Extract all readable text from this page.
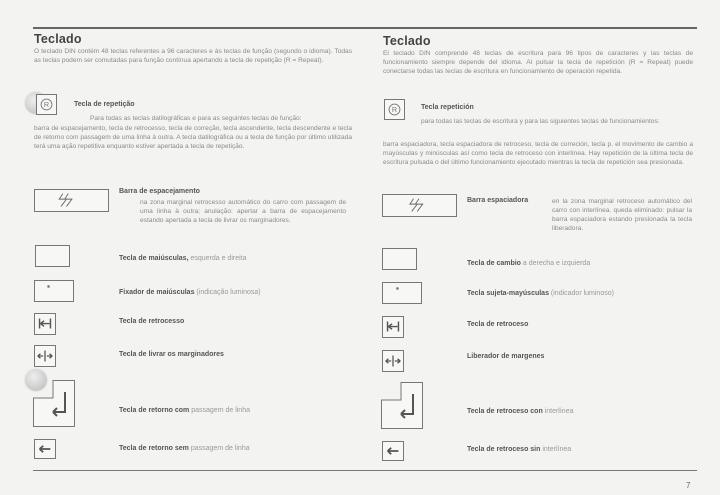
Teclado
O teclado DIN contém 48 teclas referentes a 96 caracteres e às teclas de função (segundo o idioma). Todas as teclas podem ser comutadas para função contínua apertando a tecla de repetição (R = Repeat).
R	Tecla de repetição
Para todas as teclas datilográficas e para as seguintes teclas de função:
barra de espacejamento, tecla de retrocesso, tecla de correção, tecla ascendente, tecla descendente e tecla de retorno com passagem de uma linha à outra. A tecla datilográfica ou a tecla de função por último utilizada terá uma ação repetitiva enquanto estiver apertada a tecla de repetição.
Barra de espacejamento
na zona marginal retrocesso automático do carro com passagem de uma linha à outra; anulação: apertar a barra de espacejamento estando apertada a tecla de livrar os marginadores.
Tecla de maiúsculas, esquerda e direita
Fixador de maiúsculas (indicação luminosa)
Tecla de retrocesso
Tecla de livrar os marginadores
Tecla de retorno com passagem de linha
Tecla de retorno sem passagem de linha
Teclado
El teclado DIN comprende 48 teclas de escritura para 96 tipos de caracteres y las teclas de funcionamiento siempre depende del idioma. Al pulsar la tecla de repetición (R = Repeat) puede conectarse todas las teclas de escritura en funcionamiento de operación repetida.
R	Tecla repetición
para todas las teclas de escritura y para las siguientes teclas de funcionamientos:
barra espaciadora, tecla espaciadora de retroceso, tecla de correción, tecla p. el movimento de cambio a mayúsculas y minúsculas así como tecla de retroceso con interlínea. Hay repetición de la última tecla de escritura pulsada o del último funcionamiento ejecutado mientras la tecla de repetición sea presionada.
Barra espaciadora	en la zona marginal retroceso automático del carro con interlínea. queda eliminado: pulsar la barra espaciadora estando presionada la tecla liberadora.
Tecla de cambio a derecha e izquierda
Tecla sujeta-mayúsculas (indicador luminoso)
Tecla de retroceso
Liberador de margenes
Tecla de retroceso con interlínea
Tecla de retroceso sin interlínea
7
